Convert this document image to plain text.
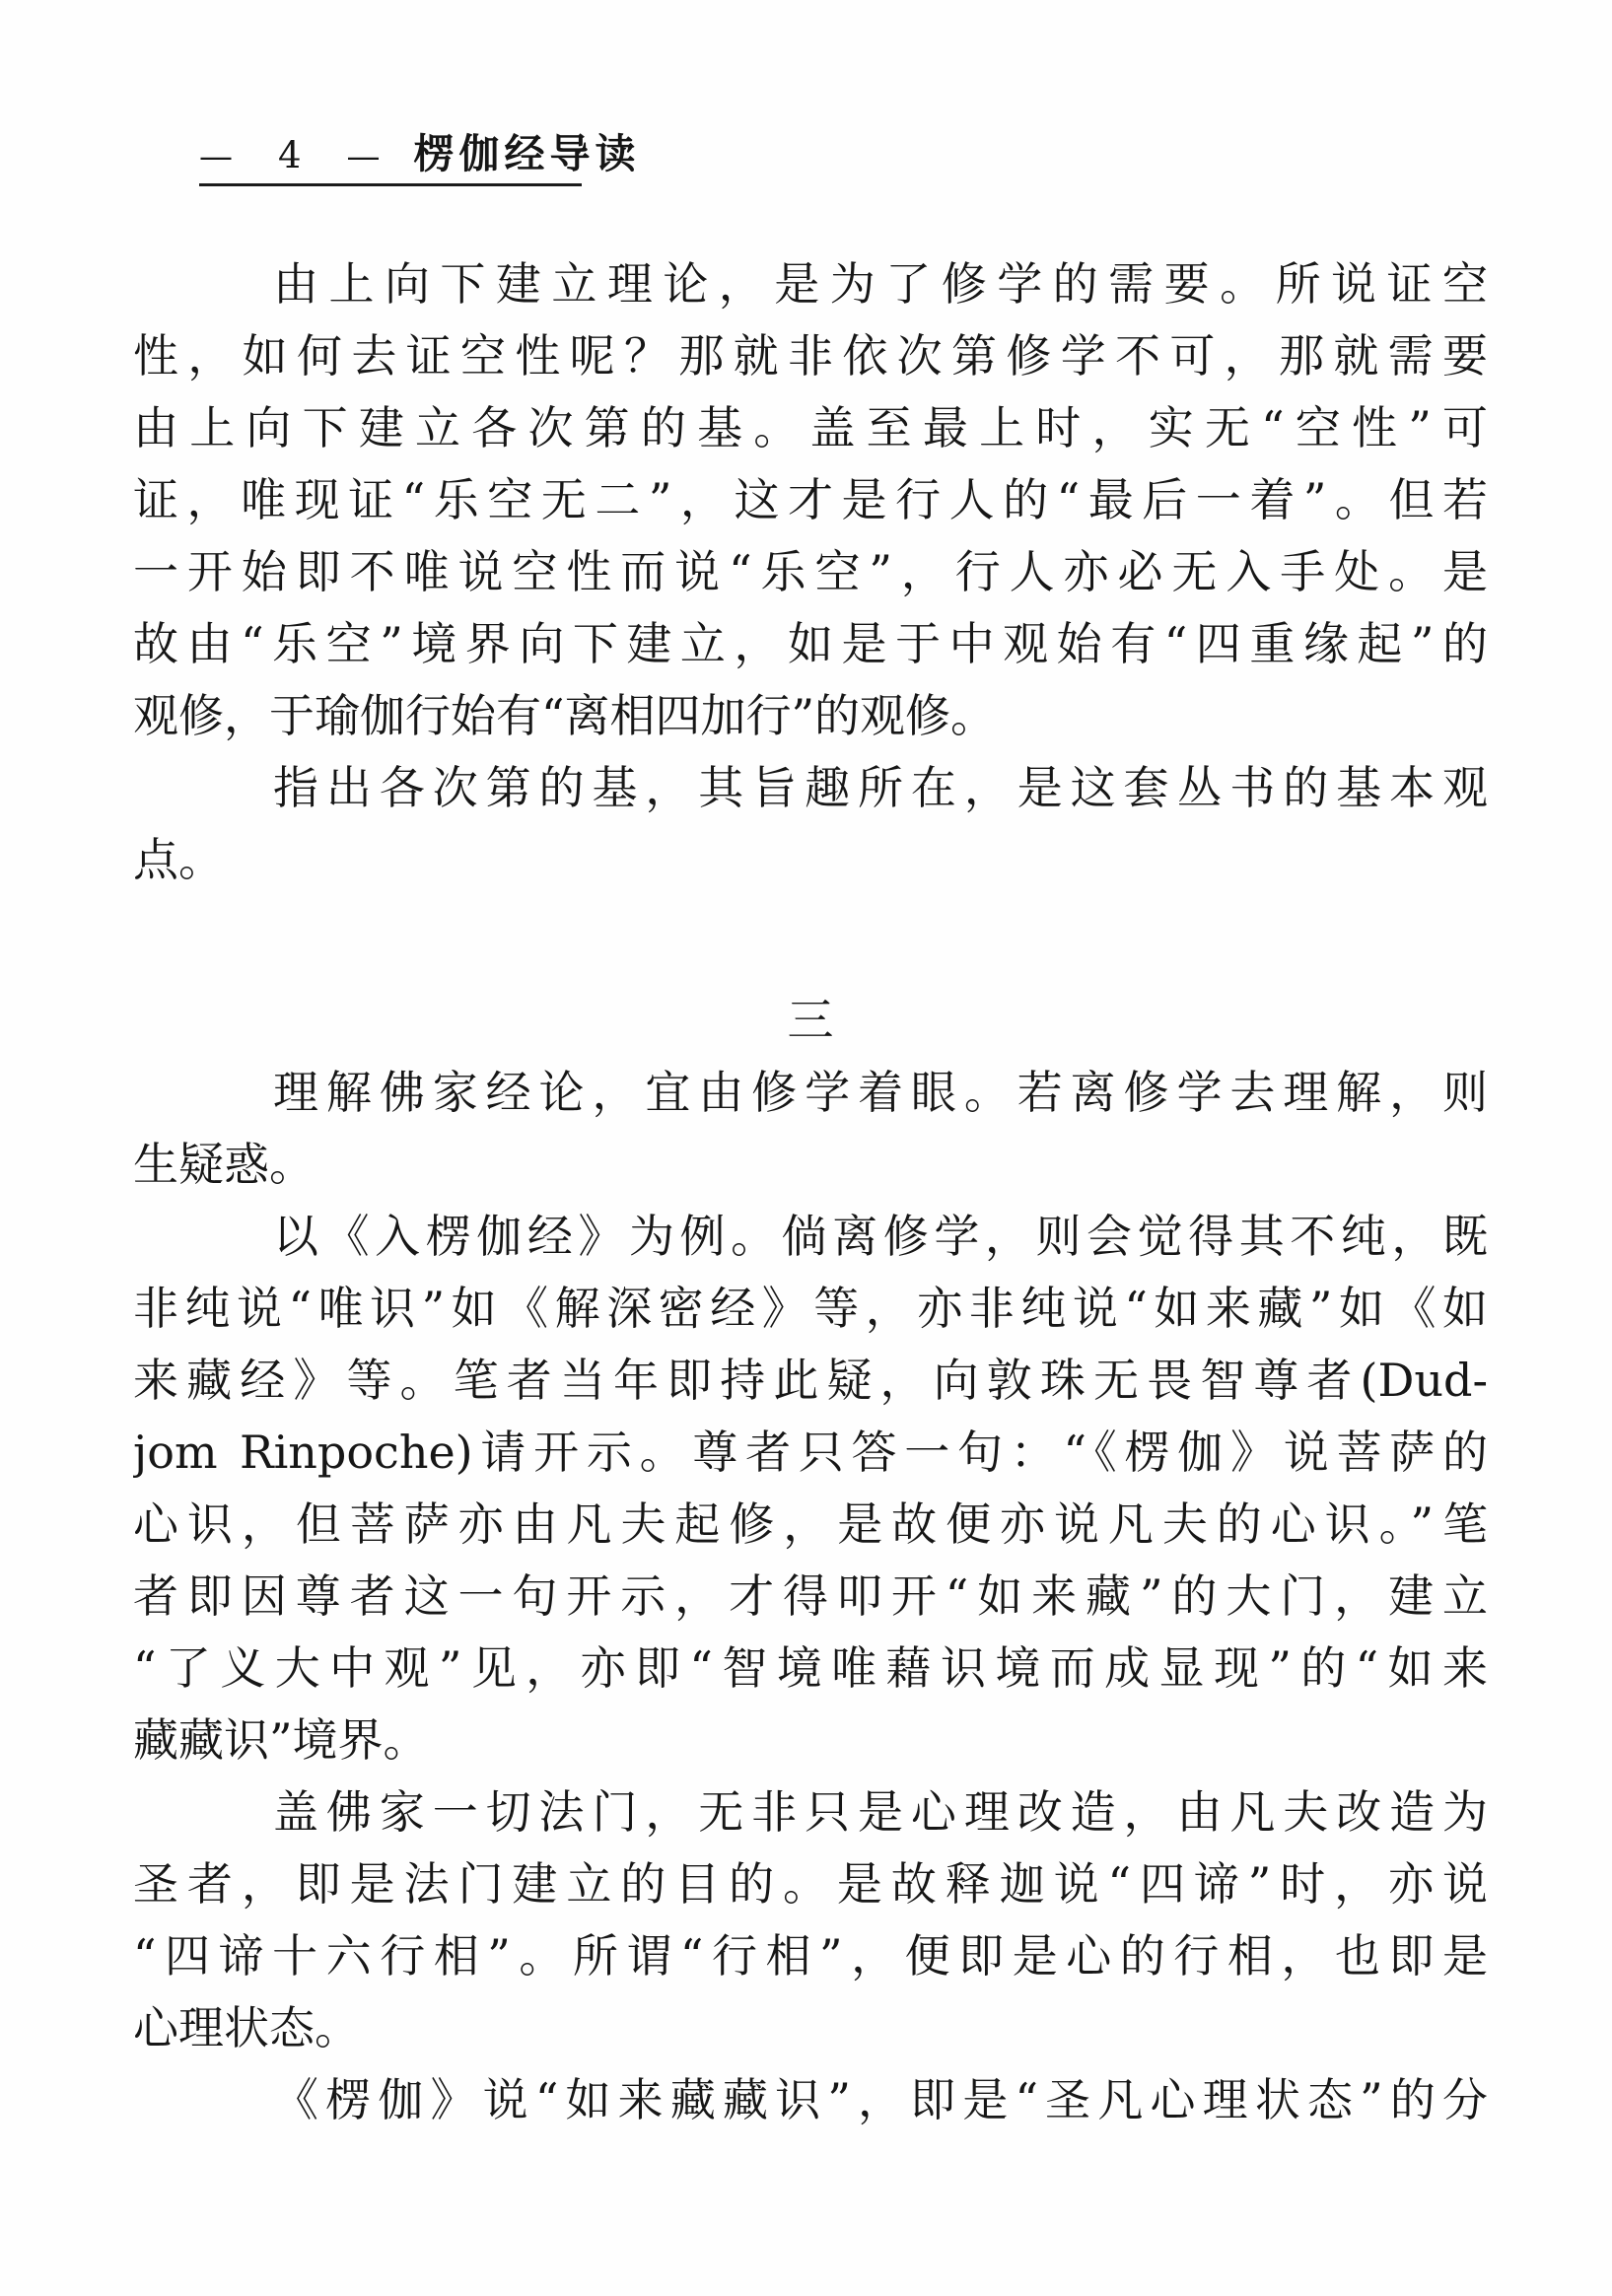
— 4 — 楞伽经导读
由上向下建立理论，是为了修学的需要。所说证空
性，如何去证空性呢？那就非依次第修学不可，那就需要
由上向下建立各次第的基。盖至最上时，实无“空性”可
证，唯现证“乐空无二”，这才是行人的“最后一着”。但若
一开始即不唯说空性而说“乐空”，行人亦必无入手处。是
故由“乐空”境界向下建立，如是于中观始有“四重缘起”的
观修，于瑜伽行始有“离相四加行”的观修。
指出各次第的基，其旨趣所在，是这套丛书的基本观
点。
三
理解佛家经论，宜由修学着眼。若离修学去理解，则
生疑惑。
以《入楞伽经》为例。倘离修学，则会觉得其不纯，既
非纯说“唯识”如《解深密经》等，亦非纯说“如来藏”如《如
来藏经》等。笔者当年即持此疑，向敦珠无畏智尊者(Dud-
jom Rinpoche)请开示。尊者只答一句：“《楞伽》说菩萨的
心识，但菩萨亦由凡夫起修，是故便亦说凡夫的心识。”笔
者即因尊者这一句开示，才得叩开“如来藏”的大门，建立
“了义大中观”见，亦即“智境唯藉识境而成显现”的“如来
藏藏识”境界。
盖佛家一切法门，无非只是心理改造，由凡夫改造为
圣者，即是法门建立的目的。是故释迦说“四谛”时，亦说
“四谛十六行相”。所谓“行相”，便即是心的行相，也即是
心理状态。
《楞伽》说“如来藏藏识”，即是“圣凡心理状态”的分
